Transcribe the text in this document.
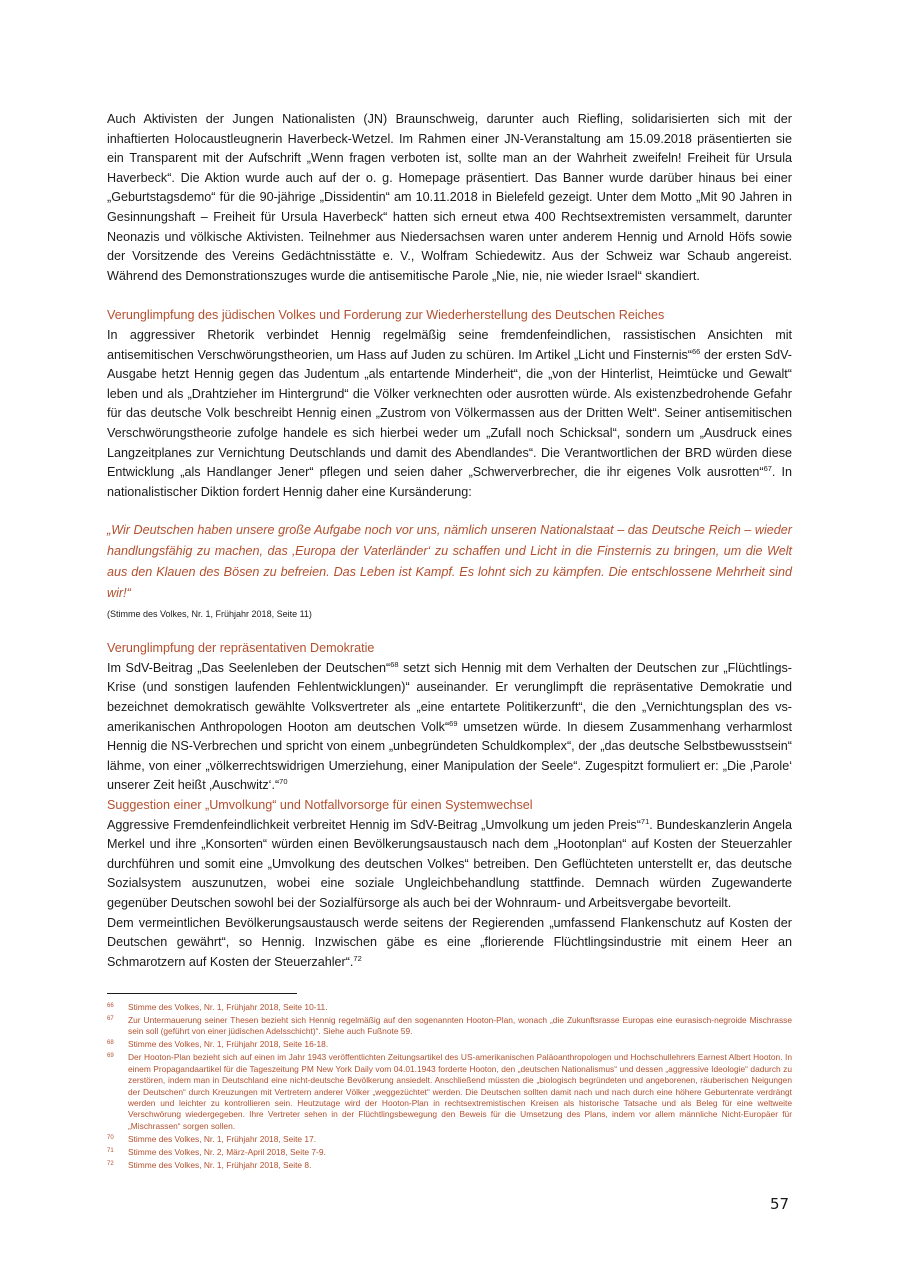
Auch Aktivisten der Jungen Nationalisten (JN) Braunschweig, darunter auch Riefling, solidarisierten sich mit der inhaftierten Holocaustleugnerin Haverbeck-Wetzel. Im Rahmen einer JN-Veranstaltung am 15.09.2018 präsentierten sie ein Transparent mit der Aufschrift „Wenn fragen verboten ist, sollte man an der Wahrheit zweifeln! Freiheit für Ursula Haverbeck“. Die Aktion wurde auch auf der o. g. Homepage präsentiert. Das Banner wurde darüber hinaus bei einer „Geburtstagsdemo“ für die 90-jährige „Dissidentin“ am 10.11.2018 in Bielefeld gezeigt. Unter dem Motto „Mit 90 Jahren in Gesinnungshaft – Freiheit für Ursula Haverbeck“ hatten sich erneut etwa 400 Rechtsextremisten versammelt, darunter Neonazis und völkische Aktivisten. Teilnehmer aus Niedersachsen waren unter anderem Hennig und Arnold Höfs sowie der Vorsitzende des Vereins Gedächtnisstätte e. V., Wolfram Schiedewitz. Aus der Schweiz war Schaub angereist. Während des Demonstrationszuges wurde die antisemitische Parole „Nie, nie, nie wieder Israel“ skandiert.

Verunglimpfung des jüdischen Volkes und Forderung zur Wiederherstellung des Deutschen Reiches

In aggressiver Rhetorik verbindet Hennig regelmäßig seine fremdenfeindlichen, rassistischen Ansichten mit antisemitischen Verschwörungstheorien, um Hass auf Juden zu schüren. Im Artikel „Licht und Finsternis“$^{66}$ der ersten SdV-Ausgabe hetzt Hennig gegen das Judentum „als entartende Minderheit“, die „von der Hinterlist, Heimtücke und Gewalt“ leben und als „Drahtzieher im Hintergrund“ die Völker verknechten oder ausrotten würde. Als existenzbedrohende Gefahr für das deutsche Volk beschreibt Hennig einen „Zustrom von Völkermassen aus der Dritten Welt“. Seiner antisemitischen Verschwörungstheorie zufolge handele es sich hierbei weder um „Zufall noch Schicksal“, sondern um „Ausdruck eines Langzeitplanes zur Vernichtung Deutschlands und damit des Abendlandes“. Die Verantwortlichen der BRD würden diese Entwicklung „als Handlanger Jener“ pflegen und seien daher „Schwerverbrecher, die ihr eigenes Volk ausrotten“$^{67}$. In nationalistischer Diktion fordert Hennig daher eine Kursänderung:

„Wir Deutschen haben unsere große Aufgabe noch vor uns, nämlich unseren Nationalstaat – das Deutsche Reich – wieder handlungsfähig zu machen, das ‚Europa der Vaterländer‘ zu schaffen und Licht in die Finsternis zu bringen, um die Welt aus den Klauen des Bösen zu befreien. Das Leben ist Kampf. Es lohnt sich zu kämpfen. Die entschlossene Mehrheit sind wir!“

(Stimme des Volkes, Nr. 1, Frühjahr 2018, Seite 11)

Verunglimpfung der repräsentativen Demokratie

Im SdV-Beitrag „Das Seelenleben der Deutschen“$^{68}$ setzt sich Hennig mit dem Verhalten der Deutschen zur „Flüchtlings-Krise (und sonstigen laufenden Fehlentwicklungen)“ auseinander. Er verunglimpft die repräsentative Demokratie und bezeichnet demokratisch gewählte Volksvertreter als „eine entartete Politikerzunft“, die den „Vernichtungsplan des vs-amerikanischen Anthropologen Hooton am deutschen Volk“$^{69}$ umsetzen würde. In diesem Zusammenhang verharmlost Hennig die NS-Verbrechen und spricht von einem „unbegründeten Schuldkomplex“, der „das deutsche Selbstbewusstsein“ lähme, von einer „völkerrechtswidrigen Umerziehung, einer Manipulation der Seele“. Zugespitzt formuliert er: „Die ‚Parole‘ unserer Zeit heißt ‚Auschwitz‘.“$^{70}$

Suggestion einer „Umvolkung“ und Notfallvorsorge für einen Systemwechsel

Aggressive Fremdenfeindlichkeit verbreitet Hennig im SdV-Beitrag „Umvolkung um jeden Preis“$^{71}$. Bundeskanzlerin Angela Merkel und ihre „Konsorten“ würden einen Bevölkerungsaustausch nach dem „Hootonplan“ auf Kosten der Steuerzahler durchführen und somit eine „Umvolkung des deutschen Volkes“ betreiben. Den Geflüchteten unterstellt er, das deutsche Sozialsystem auszunutzen, wobei eine soziale Ungleichbehandlung stattfinde. Demnach würden Zugewanderte gegenüber Deutschen sowohl bei der Sozialfürsorge als auch bei der Wohnraum- und Arbeitsvergabe bevorteilt.

Dem vermeintlichen Bevölkerungsaustausch werde seitens der Regierenden „umfassend Flankenschutz auf Kosten der Deutschen gewährt“, so Hennig. Inzwischen gäbe es eine „florierende Flüchtlingsindustrie mit einem Heer an Schmarotzern auf Kosten der Steuerzahler“.$^{72}$

66	Stimme des Volkes, Nr. 1, Frühjahr 2018, Seite 10-11.
67	Zur Untermauerung seiner Thesen bezieht sich Hennig regelmäßig auf den sogenannten Hooton-Plan, wonach „die Zukunftsrasse Europas eine eurasisch-negroide Mischrasse sein soll (geführt von einer jüdischen Adelsschicht)“. Siehe auch Fußnote 59.
68	Stimme des Volkes, Nr. 1, Frühjahr 2018, Seite 16-18.
69	Der Hooton-Plan bezieht sich auf einen im Jahr 1943 veröffentlichten Zeitungsartikel des US-amerikanischen Paläoanthropologen und Hochschullehrers Earnest Albert Hooton. In einem Propagandaartikel für die Tageszeitung PM New York Daily vom 04.01.1943 forderte Hooton, den „deutschen Nationalismus“ und dessen „aggressive Ideologie“ dadurch zu zerstören, indem man in Deutschland eine nicht-deutsche Bevölkerung ansiedelt. Anschließend müssten die „biologisch begründeten und angeborenen, räuberischen Neigungen der Deutschen“ durch Kreuzungen mit Vertretern anderer Völker „weggezüchtet“ werden. Die Deutschen sollten damit nach und nach durch eine höhere Geburtenrate verdrängt werden und leichter zu kontrollieren sein. Heutzutage wird der Hooton-Plan in rechtsextremistischen Kreisen als historische Tatsache und als Beleg für eine weltweite Verschwörung wiedergegeben. Ihre Vertreter sehen in der Flüchtlingsbewegung den Beweis für die Umsetzung des Plans, indem vor allem männliche Nicht-Europäer für „Mischrassen“ sorgen sollen.
70	Stimme des Volkes, Nr. 1, Frühjahr 2018, Seite 17.
71	Stimme des Volkes, Nr. 2, März-April 2018, Seite 7-9.
72	Stimme des Volkes, Nr. 1, Frühjahr 2018, Seite 8.
57
